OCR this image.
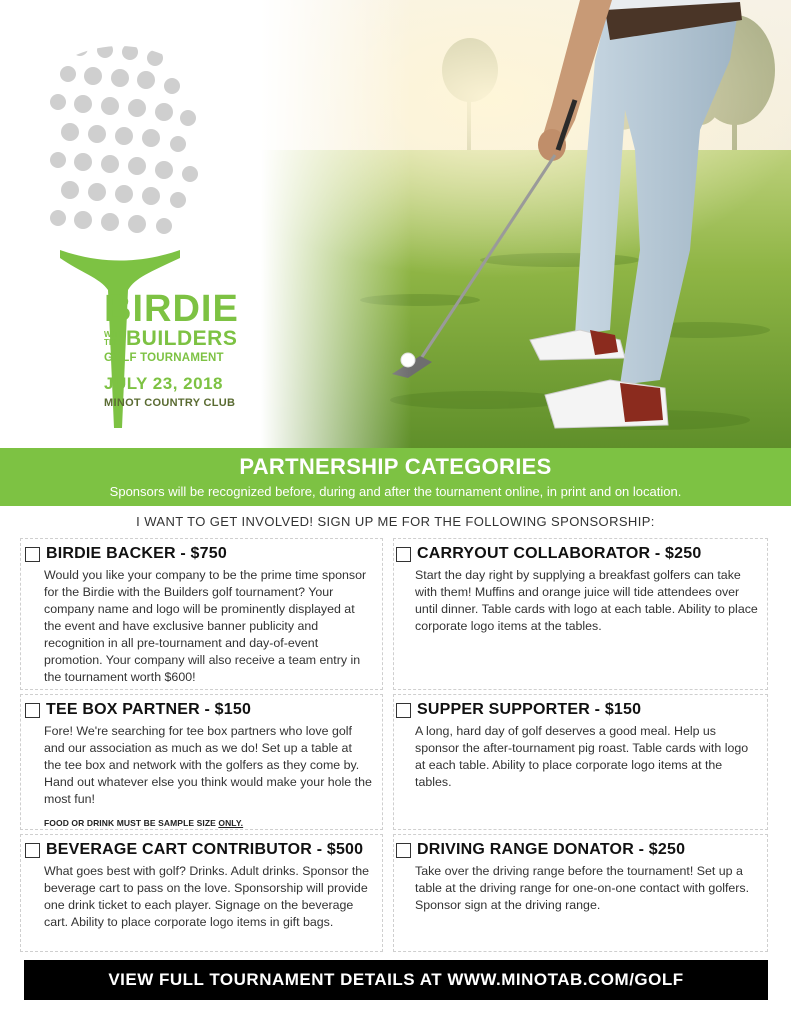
BIRDIE
WITH
THE BUILDERS
GOLF TOURNAMENT
JULY 23, 2018
MINOT COUNTRY CLUB
PARTNERSHIP CATEGORIES
Sponsors will be recognized before, during and after the tournament online, in print and on location.
I WANT TO GET INVOLVED! SIGN UP ME FOR THE FOLLOWING SPONSORSHIP:
BIRDIE BACKER - $750
Would you like your company to be the prime time sponsor for the Birdie with the Builders golf tournament? Your company name and logo will be prominently displayed at the event and have exclusive banner publicity and recognition in all pre-tournament and day-of-event promotion. Your company will also receive a team entry in the tournament worth $600!
CARRYOUT COLLABORATOR - $250
Start the day right by supplying a breakfast golfers can take with them! Muffins and orange juice will tide attendees over until dinner. Table cards with logo at each table. Ability to place corporate logo items at the tables.
TEE BOX PARTNER - $150
Fore! We're searching for tee box partners who love golf and our association as much as we do! Set up a table at the tee box and network with the golfers as they come by. Hand out whatever else you think would make your hole the most fun!
FOOD OR DRINK MUST BE SAMPLE SIZE ONLY.
SUPPER SUPPORTER - $150
A long, hard day of golf deserves a good meal. Help us sponsor the after-tournament pig roast. Table cards with logo at each table. Ability to place corporate logo items at the tables.
BEVERAGE CART CONTRIBUTOR - $500
What goes best with golf? Drinks. Adult drinks. Sponsor the beverage cart to pass on the love. Sponsorship will provide one drink ticket to each player. Signage on the beverage cart. Ability to place corporate logo items in gift bags.
DRIVING RANGE DONATOR - $250
Take over the driving range before the tournament! Set up a table at the driving range for one-on-one contact with golfers. Sponsor sign at the driving range.
VIEW FULL TOURNAMENT DETAILS AT WWW.MINOTAB.COM/GOLF
